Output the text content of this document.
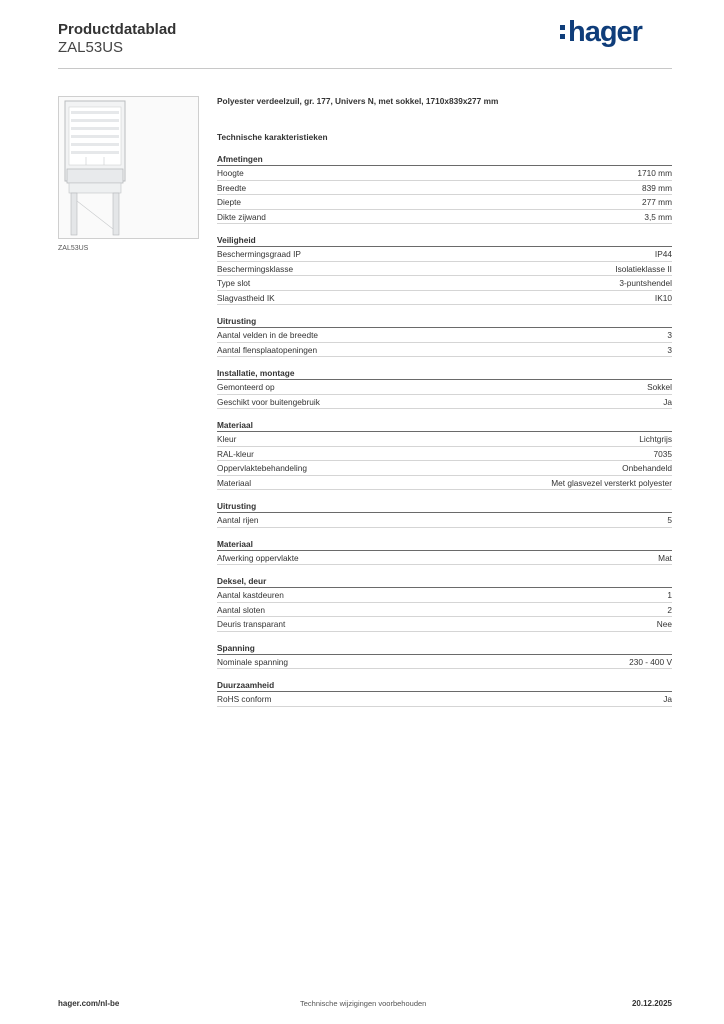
Productdatablad
ZAL53US	hager
ZAL53US
Polyester verdeelzuil, gr. 177, Univers N, met sokkel, 1710x839x277 mm
Technische karakteristieken
Afmetingen
Hoogte	1710 mm
Breedte	839 mm
Diepte	277 mm
Dikte zijwand	3,5 mm
Veiligheid
Beschermingsgraad IP	IP44
Beschermingsklasse	Isolatieklasse II
Type slot	3-puntshendel
Slagvastheid IK	IK10
Uitrusting
Aantal velden in de breedte	3
Aantal flensplaatopeningen	3
Installatie, montage
Gemonteerd op	Sokkel
Geschikt voor buitengebruik	Ja
Materiaal
Kleur	Lichtgrijs
RAL-kleur	7035
Oppervlaktebehandeling	Onbehandeld
Materiaal	Met glasvezel versterkt polyester
Uitrusting
Aantal rijen	5
Materiaal
Afwerking oppervlakte	Mat
Deksel, deur
Aantal kastdeuren	1
Aantal sloten	2
Deuris transparant	Nee
Spanning
Nominale spanning	230 - 400 V
Duurzaamheid
RoHS conform	Ja
hager.com/nl-be	Technische wijzigingen voorbehouden	20.12.2025
